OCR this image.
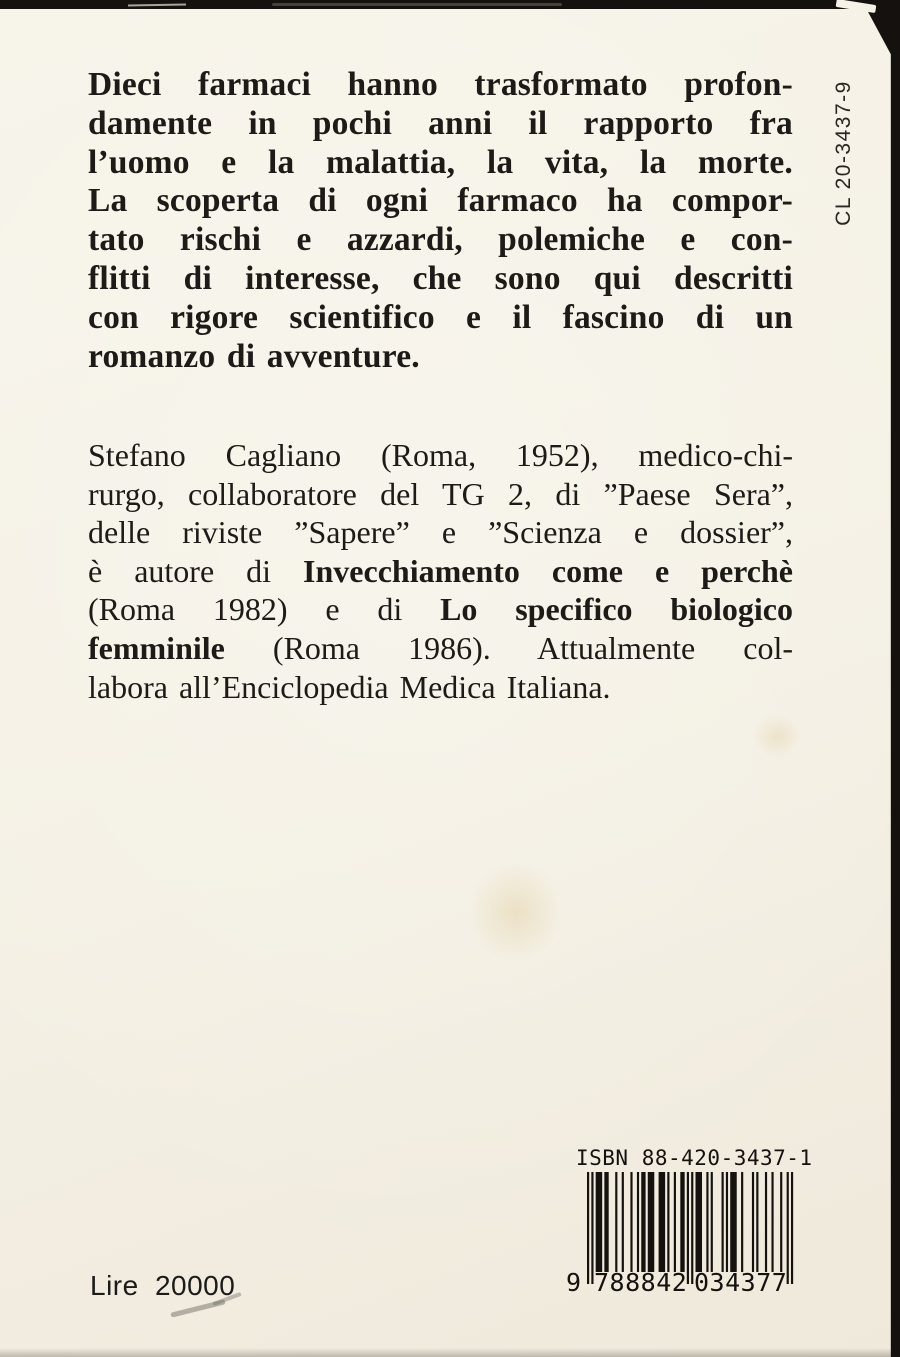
Dieci farmaci hanno trasformato profon-
damente in pochi anni il rapporto fra
l’uomo e la malattia, la vita, la morte.
La scoperta di ogni farmaco ha compor-
tato rischi e azzardi, polemiche e con-
flitti di interesse, che sono qui descritti
con rigore scientifico e il fascino di un
romanzo di avventure.
Stefano Cagliano (Roma, 1952), medico-chi-
rurgo, collaboratore del TG 2, di ”Paese Sera”,
delle riviste ”Sapere” e ”Scienza e dossier”,
è autore di Invecchiamento come e perchè
(Roma 1982) e di Lo specifico biologico
femminile (Roma 1986). Attualmente col-
labora all’Enciclopedia Medica Italiana.
CL 20-3437-9
ISBN 88-420-3437-1
9 788842 034377
Lire 20000
